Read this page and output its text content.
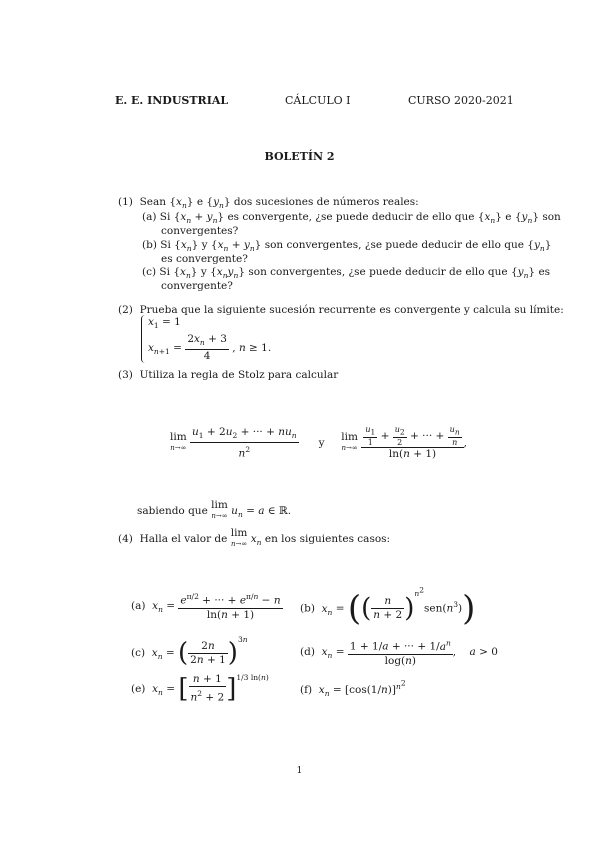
E. E. INDUSTRIAL	CÁLCULO I	CURSO 2020-2021
BOLETÍN 2
(1) Sean $\{x_n\}$ e $\{y_n\}$ dos sucesiones de números reales:
(a) Si $\{x_n + y_n\}$ es convergente, ¿se puede deducir de ello que $\{x_n\}$ e $\{y_n\}$ son
convergentes?
(b) Si $\{x_n\}$ y $\{x_n + y_n\}$ son convergentes, ¿se puede deducir de ello que $\{y_n\}$
es convergente?
(c) Si $\{x_n\}$ y $\{x_ny_n\}$ son convergentes, ¿se puede deducir de ello que $\{y_n\}$ es
convergente?
(2) Prueba que la siguiente sucesión recurrente es convergente y calcula su límite:
$x_1 = 1$
$x_{n+1} = \frac{2x_n + 3}{4}$ , n ≥ 1.
(3) Utiliza la regla de Stolz para calcular
lim
n→∞
$\frac{u_1 + 2u_2 + \cdot\cdot\cdot + nu_n}{n^2}$ y lim
n→∞
$\frac{\frac{u_1}{1} + \frac{u_2}{2} + \cdot\cdot\cdot + \frac{u_n}{n}}{\ln(n + 1)}$ ,
sabiendo que lim
n→∞ $u_n = a$ ∈ ℝ.
(4) Halla el valor de lim
n→∞ $x_n$ en los siguientes casos:
(a) $x_n = \frac{e^{\pi/2} + \cdot\cdot\cdot + e^{\pi/n} - n}{\ln(n + 1)} (b) x_n$ = (( $\frac{n}{n + 2} )^{n^2}sen(n^3)$)
(c) $x_n$ = ( $\frac{2n}{2n + 1} )^{3n}$
(d) $x_n = \frac{1 + 1/a + \cdot\cdot\cdot + 1/a^n}{\log(n)}$ ,    a > 0
(e) $x_n$ = [ $\frac{n + 1}{n^2 + 2} ]^{1/3 ln(n)}$
(f) $x_n = [\cos(1/n)]^{n^2}$
1
